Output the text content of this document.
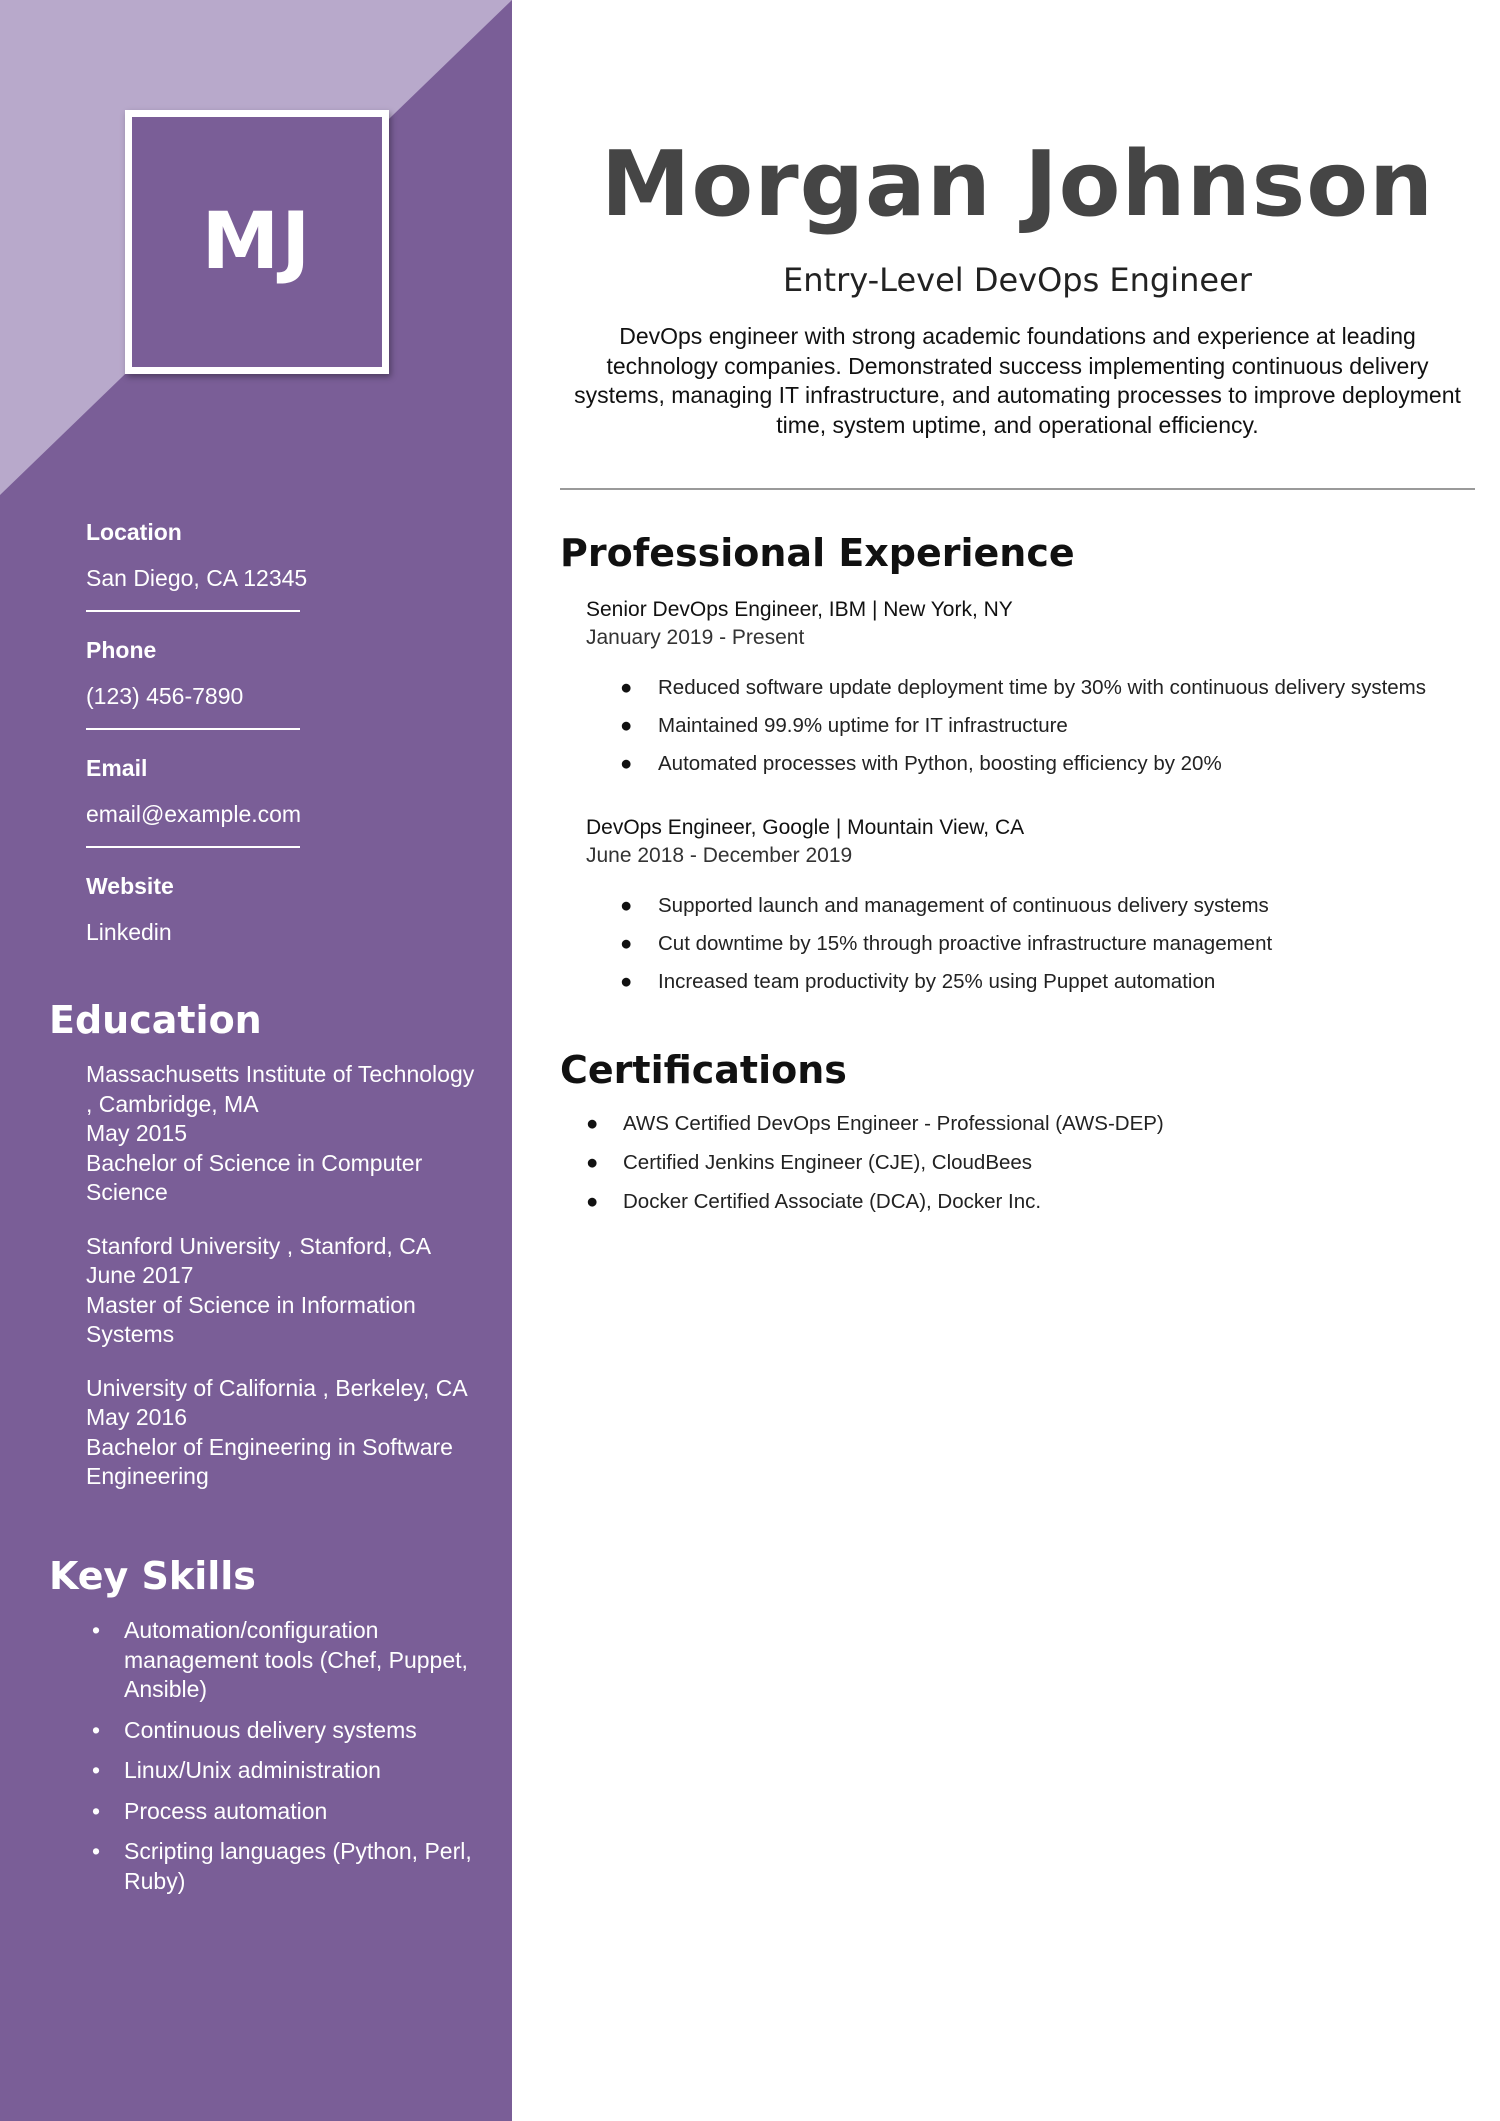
MJ
Location
San Diego, CA 12345
Phone
(123) 456-7890
Email
email@example.com
Website
Linkedin
Education
Massachusetts Institute of Technology , Cambridge, MA
May 2015
Bachelor of Science in Computer Science
Stanford University , Stanford, CA
June 2017
Master of Science in Information Systems
University of California , Berkeley, CA
May 2016
Bachelor of Engineering in Software Engineering
Key Skills
• Automation/configuration management tools (Chef, Puppet, Ansible)
• Continuous delivery systems
• Linux/Unix administration
• Process automation
• Scripting languages (Python, Perl, Ruby)
Morgan Johnson
Entry-Level DevOps Engineer
DevOps engineer with strong academic foundations and experience at leading technology companies. Demonstrated success implementing continuous delivery systems, managing IT infrastructure, and automating processes to improve deployment time, system uptime, and operational efficiency.
Professional Experience
Senior DevOps Engineer, IBM | New York, NY
January 2019 - Present
● Reduced software update deployment time by 30% with continuous delivery systems
● Maintained 99.9% uptime for IT infrastructure
● Automated processes with Python, boosting efficiency by 20%
DevOps Engineer, Google | Mountain View, CA
June 2018 - December 2019
● Supported launch and management of continuous delivery systems
● Cut downtime by 15% through proactive infrastructure management
● Increased team productivity by 25% using Puppet automation
Certifications
● AWS Certified DevOps Engineer - Professional (AWS-DEP)
● Certified Jenkins Engineer (CJE), CloudBees
● Docker Certified Associate (DCA), Docker Inc.
